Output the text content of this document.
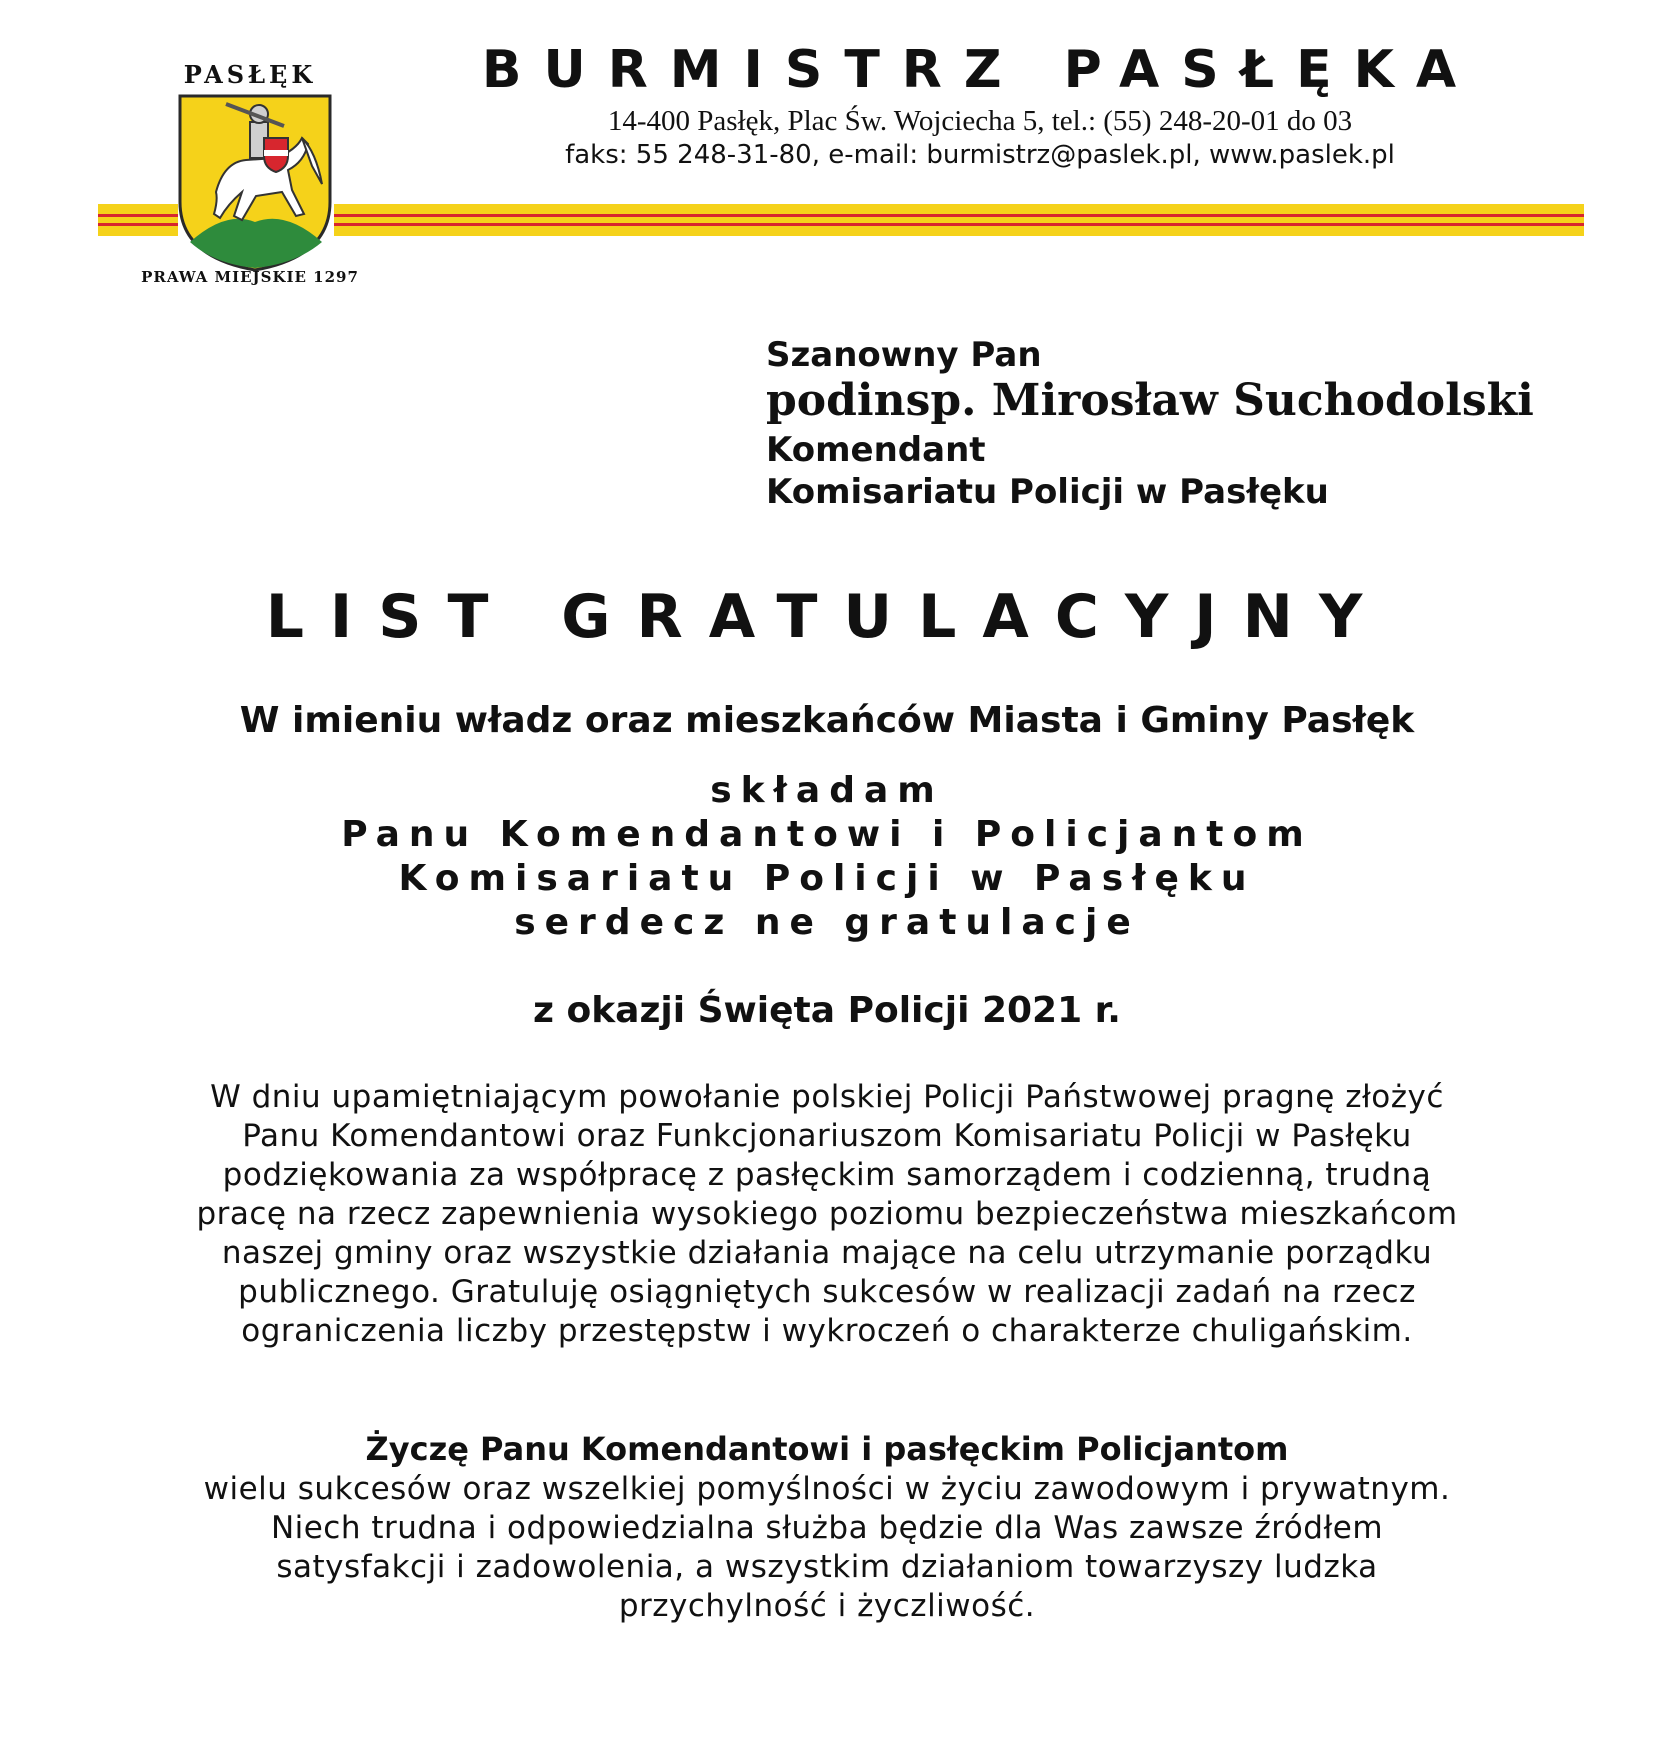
PASŁĘK
PRAWA MIEJSKIE 1297
BURMISTRZ PASŁĘKA
14-400 Pasłęk, Plac Św. Wojciecha 5, tel.: (55) 248-20-01 do 03
faks: 55 248-31-80, e-mail: burmistrz@paslek.pl, www.paslek.pl
Szanowny Pan
podinsp. Mirosław Suchodolski
Komendant
Komisariatu Policji w Pasłęku
LIST GRATULACYJNY
W imieniu władz oraz mieszkańców Miasta i Gminy Pasłęk
składam
Panu Komendantowi i Policjantom
Komisariatu Policji w Pasłęku
serdecz ne gratulacje
z okazji Święta Policji 2021 r.
W dniu upamiętniającym powołanie polskiej Policji Państwowej pragnę złożyć
Panu Komendantowi oraz Funkcjonariuszom Komisariatu Policji w Pasłęku
podziękowania za współpracę z pasłęckim samorządem i codzienną, trudną
pracę na rzecz zapewnienia wysokiego poziomu bezpieczeństwa mieszkańcom
naszej gminy oraz wszystkie działania mające na celu utrzymanie porządku
publicznego. Gratuluję osiągniętych sukcesów w realizacji zadań na rzecz
ograniczenia liczby przestępstw i wykroczeń o charakterze chuligańskim.
Życzę Panu Komendantowi i pasłęckim Policjantom
wielu sukcesów oraz wszelkiej pomyślności w życiu zawodowym i prywatnym.
Niech trudna i odpowiedzialna służba będzie dla Was zawsze źródłem
satysfakcji i zadowolenia, a wszystkim działaniom towarzyszy ludzka
przychylność i życzliwość.
